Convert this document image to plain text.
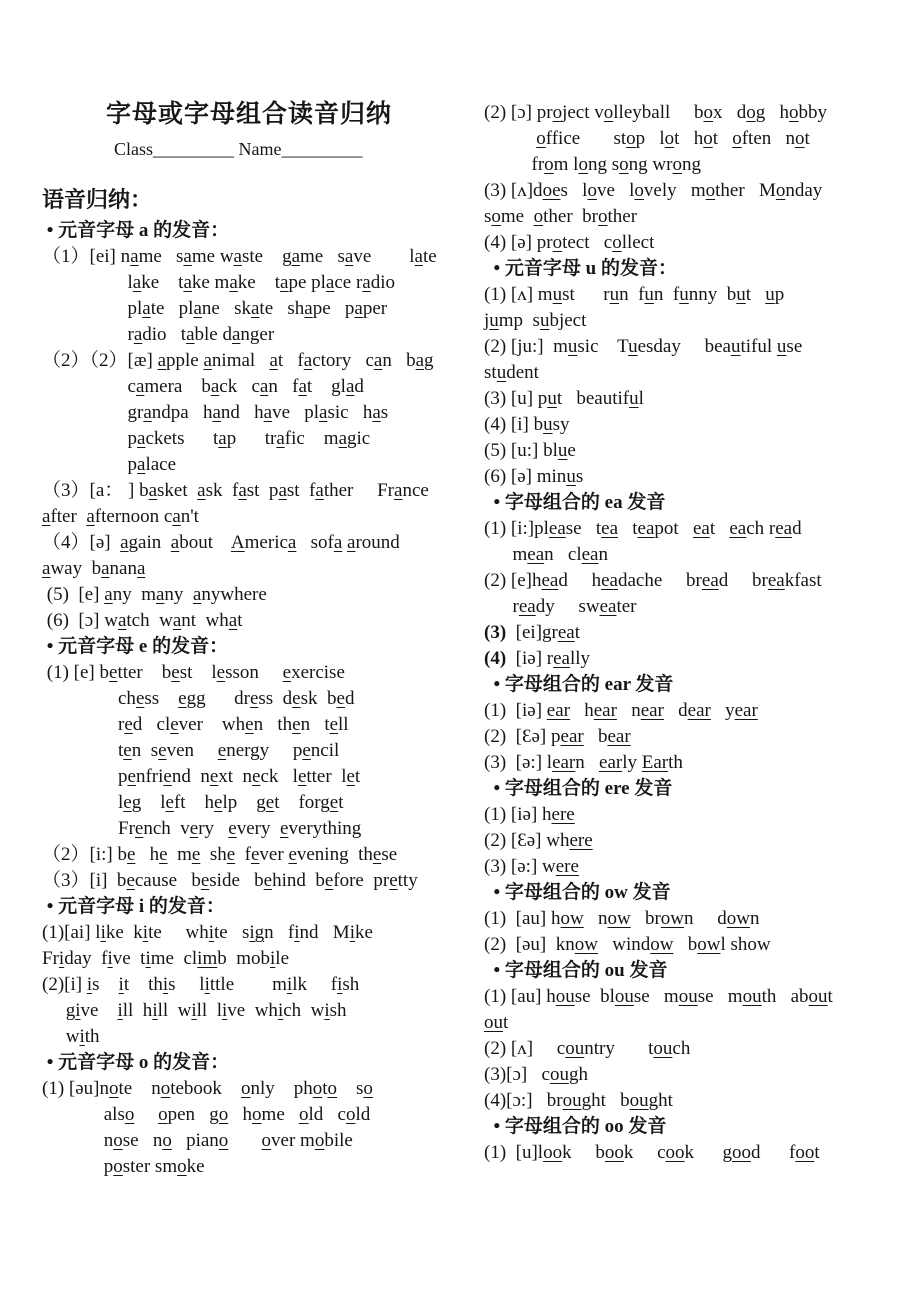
字母或字母组合读音归纳
Class_________ Name_________
语音归纳：
• 元音字母 a 的发音：
（1）[ei] name   same waste    game   save        late
lake    take make    tape place radio
plate   plane   skate   shape   paper
radio   table danger
（2）（2）[æ] apple animal   at   factory   can   bag
camera    back   can   fat    glad
grandpa   hand   have   plasic   has
packets      tap      trafic    magic
palace
（3）[a： ] basket  ask  fast  past  father     France
after  afternoon can't
（4）[ə]  again  about    America   sofa around
away  banana
(5)  [e] any  many  anywhere
(6)  [ɔ] watch  want  what
• 元音字母 e 的发音：
(1) [e] better    best    lesson     exercise
chess    egg      dress  desk  bed
red   clever    when   then   tell
ten  seven     energy     pencil
penfriend  next  neck   letter  let
leg    left    help    get    forget
French  very   every  everything
（2）[i:] be   he  me  she  fever evening  these
（3）[i]  because   beside   behind  before  pretty
• 元音字母 i 的发音：
(1)[ai] like  kite     white   sign   find   Mike
Friday  five  time  climb  mobile
(2)[i] is    it    this     little        milk     fish
give    ill  hill  will  live  which  wish
with
• 元音字母 o 的发音：
(1) [əu]note    notebook    only    photo    so
also open   go   home   old   cold
nose   no   piano over mobile
poster smoke
(2) [ɔ] project volleyball     box   dog   hobby
office       stop   lot   hot   often   not
from long song wrong
(3) [ʌ]does   love   lovely   mother   Monday
some  other  brother
(4) [ə] protect   collect
• 元音字母 u 的发音：
(1) [ʌ] must      run  fun  funny  but   up
jump  subject
(2) [ju:]  music    Tuesday     beautiful use
student
(3) [u] put   beautiful
(4) [i] busy
(5) [u:] blue
(6) [ə] minus
• 字母组合的 ea 发音
(1) [i:]please   tea   teapot   eat   each read
mean   clean
(2) [e]head     headache     bread     breakfast
ready     sweater
(3)  [ei]great
(4)  [iə] really
• 字母组合的 ear 发音
(1)  [iə] ear   hear   near   dear   year
(2)  [Ɛə] pear   bear
(3)  [ə:] learn   early Earth
• 字母组合的 ere 发音
(1) [iə] here
(2) [Ɛə] where
(3) [ə:] were
• 字母组合的 ow 发音
(1)  [au] how   now   brown     down
(2)  [əu]  know   window   bowl show
• 字母组合的 ou 发音
(1) [au] house  blouse   mouse   mouth   about
out
(2) [ʌ]     country       touch
(3)[ɔ]   cough
(4)[ɔ:]   brought   bought
• 字母组合的 oo 发音
(1)  [u]look     book     cook      good      foot
